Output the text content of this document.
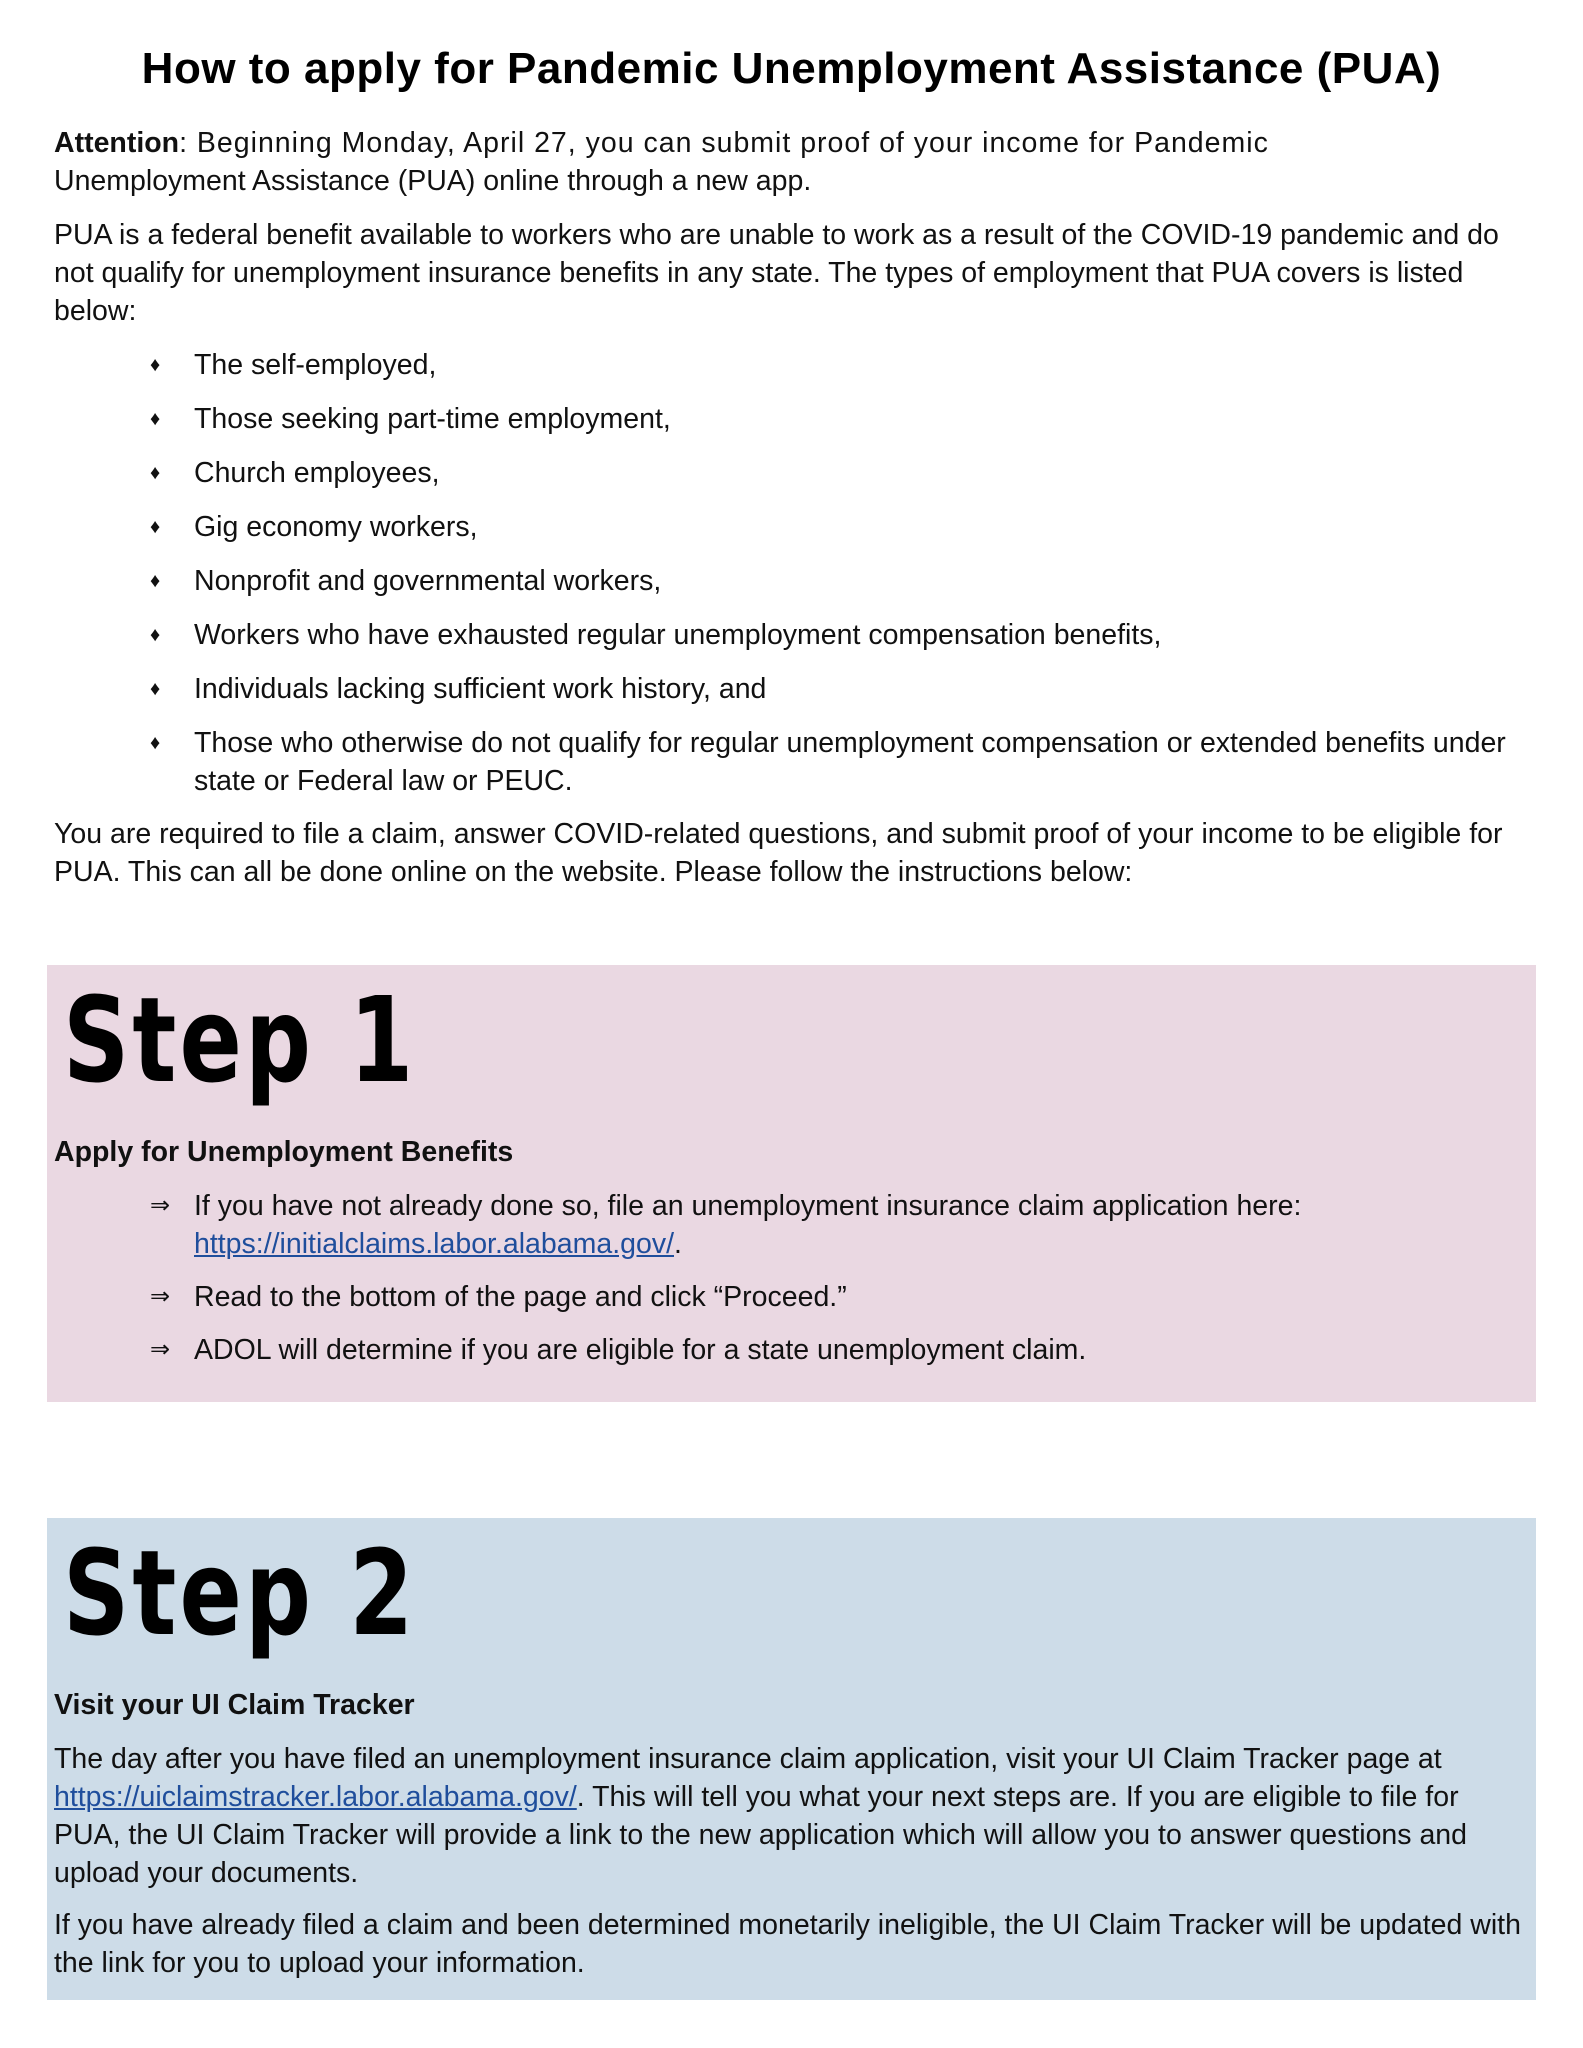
How to apply for Pandemic Unemployment Assistance (PUA)

Attention: Beginning Monday, April 27, you can submit proof of your income for Pandemic
Unemployment Assistance (PUA) online through a new app.

PUA is a federal benefit available to workers who are unable to work as a result of the COVID-19 pandemic and do not qualify for unemployment insurance benefits in any state. The types of employment that PUA covers is listed below:

♦ The self-employed,
♦ Those seeking part-time employment,
♦ Church employees,
♦ Gig economy workers,
♦ Nonprofit and governmental workers,
♦ Workers who have exhausted regular unemployment compensation benefits,
♦ Individuals lacking sufficient work history, and
♦ Those who otherwise do not qualify for regular unemployment compensation or extended benefits under state or Federal law or PEUC.

You are required to file a claim, answer COVID-related questions, and submit proof of your income to be eligible for PUA. This can all be done online on the website. Please follow the instructions below:

Step 1

Apply for Unemployment Benefits

⇒ If you have not already done so, file an unemployment insurance claim application here: https://initialclaims.labor.alabama.gov/.
⇒ Read to the bottom of the page and click “Proceed.”
⇒ ADOL will determine if you are eligible for a state unemployment claim.
Step 2

Visit your UI Claim Tracker

The day after you have filed an unemployment insurance claim application, visit your UI Claim Tracker page at https://uiclaimstracker.labor.alabama.gov/. This will tell you what your next steps are. If you are eligible to file for PUA, the UI Claim Tracker will provide a link to the new application which will allow you to answer questions and upload your documents.

If you have already filed a claim and been determined monetarily ineligible, the UI Claim Tracker will be updated with the link for you to upload your information.
